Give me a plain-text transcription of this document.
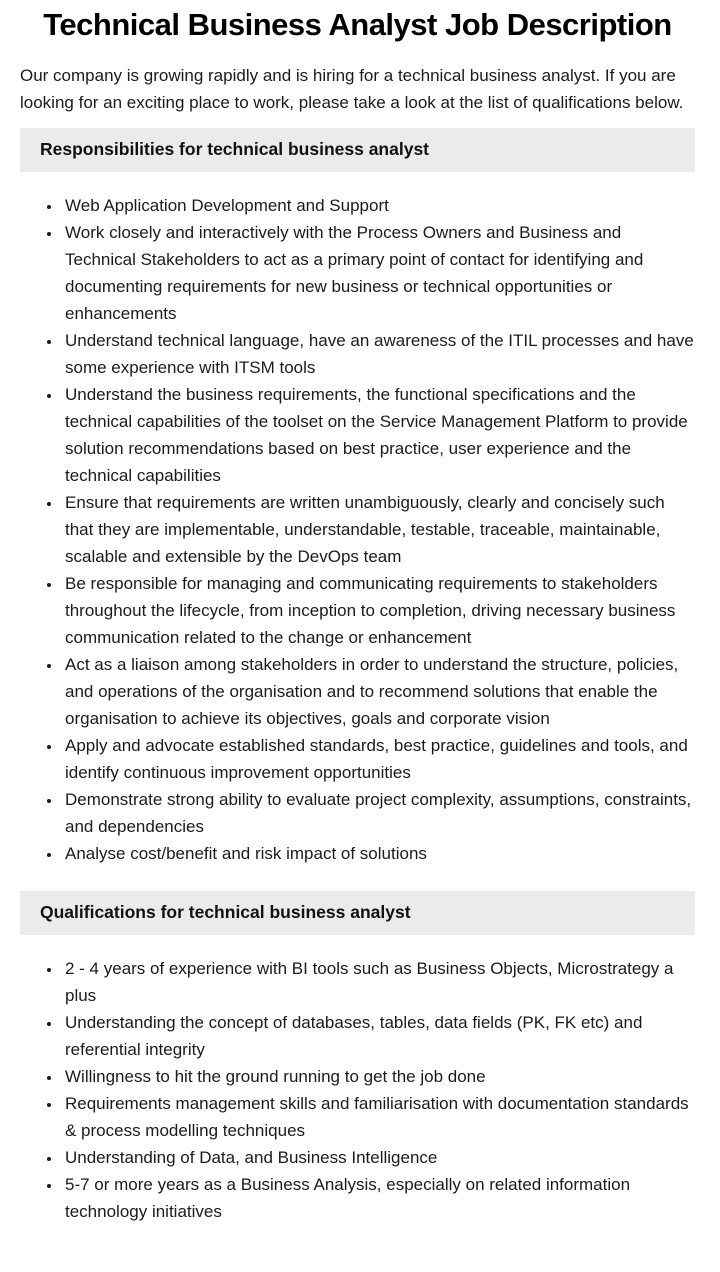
Technical Business Analyst Job Description

Our company is growing rapidly and is hiring for a technical business analyst. If you are looking for an exciting place to work, please take a look at the list of qualifications below.

Responsibilities for technical business analyst
• Web Application Development and Support
• Work closely and interactively with the Process Owners and Business and Technical Stakeholders to act as a primary point of contact for identifying and documenting requirements for new business or technical opportunities or enhancements
• Understand technical language, have an awareness of the ITIL processes and have some experience with ITSM tools
• Understand the business requirements, the functional specifications and the technical capabilities of the toolset on the Service Management Platform to provide solution recommendations based on best practice, user experience and the technical capabilities
• Ensure that requirements are written unambiguously, clearly and concisely such that they are implementable, understandable, testable, traceable, maintainable, scalable and extensible by the DevOps team
• Be responsible for managing and communicating requirements to stakeholders throughout the lifecycle, from inception to completion, driving necessary business communication related to the change or enhancement
• Act as a liaison among stakeholders in order to understand the structure, policies, and operations of the organisation and to recommend solutions that enable the organisation to achieve its objectives, goals and corporate vision
• Apply and advocate established standards, best practice, guidelines and tools, and identify continuous improvement opportunities
• Demonstrate strong ability to evaluate project complexity, assumptions, constraints, and dependencies
• Analyse cost/benefit and risk impact of solutions
Qualifications for technical business analyst
• 2 - 4 years of experience with BI tools such as Business Objects, Microstrategy a plus
• Understanding the concept of databases, tables, data fields (PK, FK etc) and referential integrity
• Willingness to hit the ground running to get the job done
• Requirements management skills and familiarisation with documentation standards & process modelling techniques
• Understanding of Data, and Business Intelligence
• 5-7 or more years as a Business Analysis, especially on related information technology initiatives
